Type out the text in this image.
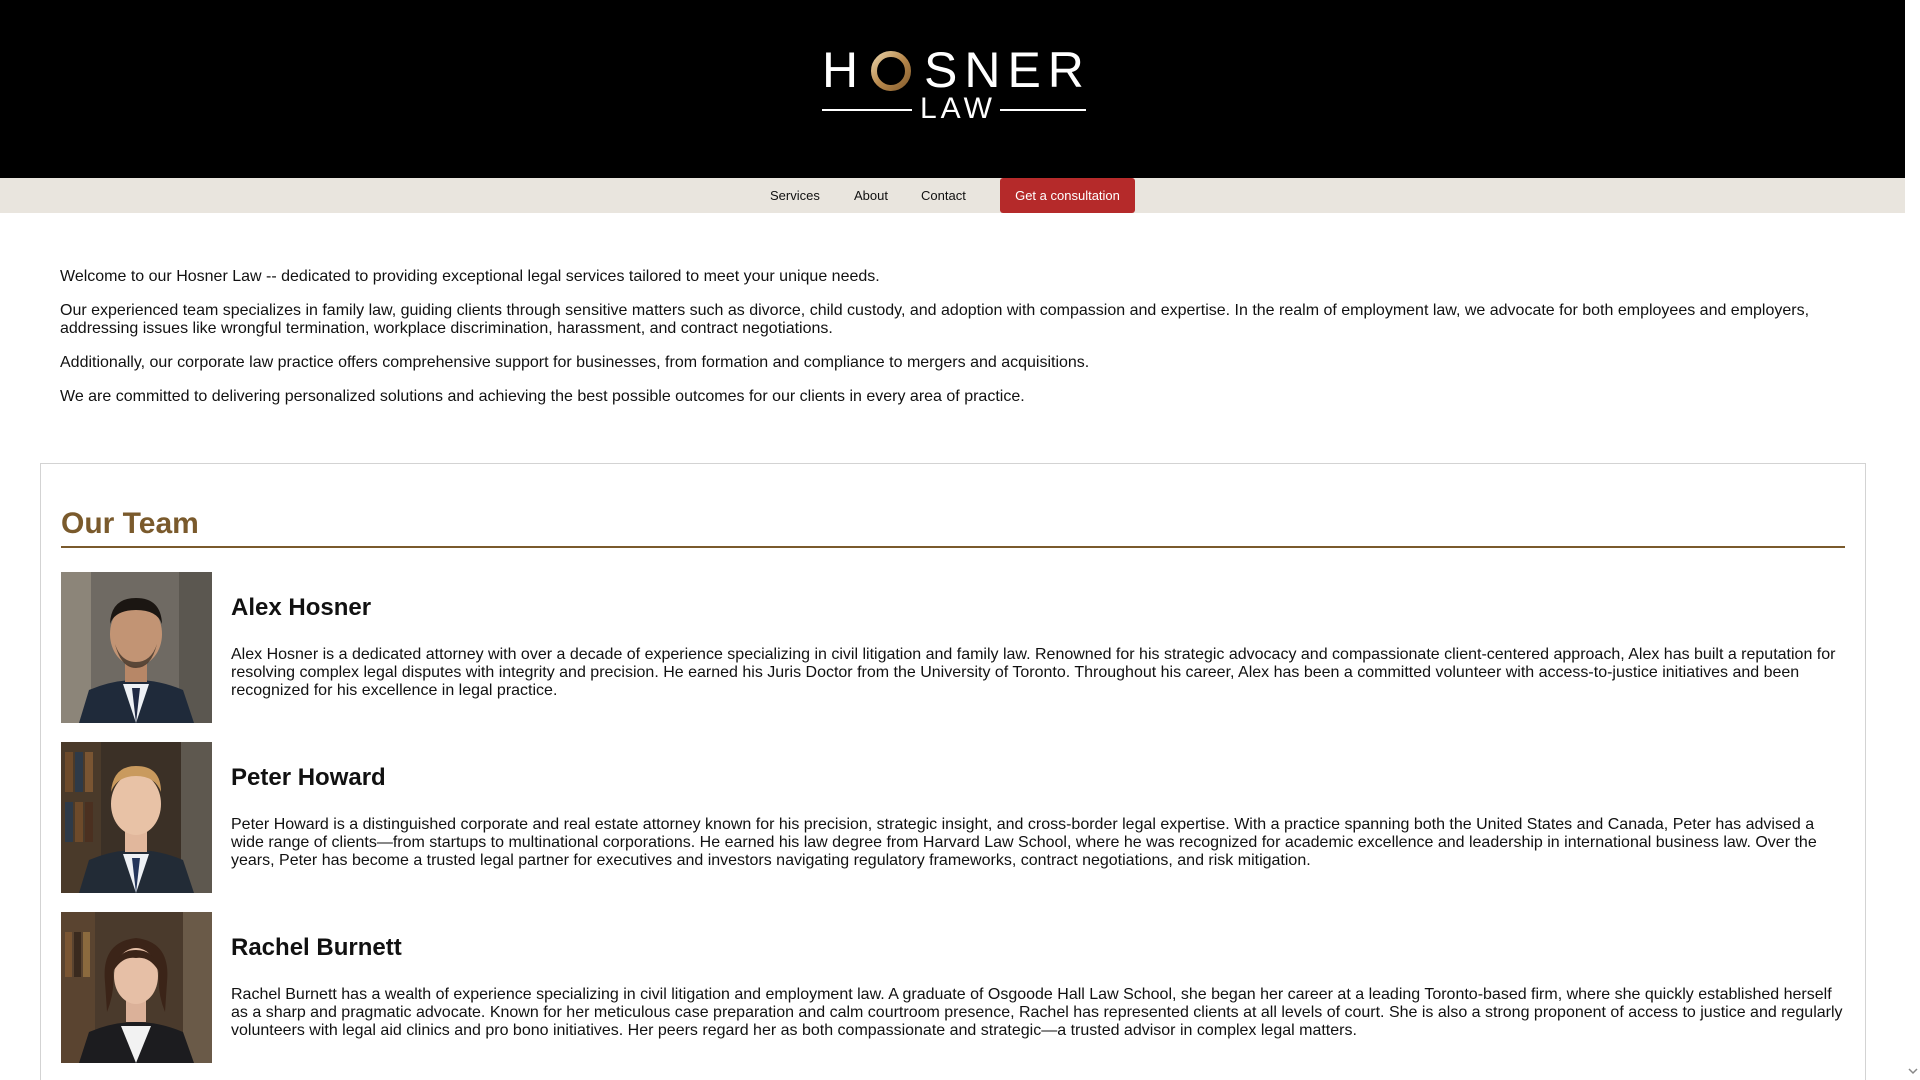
H SNER
LAW
Services	About	Contact	Get a consultation

Welcome to our Hosner Law -- dedicated to providing exceptional legal services tailored to meet your unique needs.

Our experienced team specializes in family law, guiding clients through sensitive matters such as divorce, child custody, and adoption with compassion and expertise. In the realm of employment law, we advocate for both employees and employers, addressing issues like wrongful termination, workplace discrimination, harassment, and contract negotiations.

Additionally, our corporate law practice offers comprehensive support for businesses, from formation and compliance to mergers and acquisitions.

We are committed to delivering personalized solutions and achieving the best possible outcomes for our clients in every area of practice.

Our Team
Alex Hosner

Alex Hosner is a dedicated attorney with over a decade of experience specializing in civil litigation and family law. Renowned for his strategic advocacy and compassionate client-centered approach, Alex has built a reputation for resolving complex legal disputes with integrity and precision. He earned his Juris Doctor from the University of Toronto. Throughout his career, Alex has been a committed volunteer with access-to-justice initiatives and been recognized for his excellence in legal practice.

Peter Howard

Peter Howard is a distinguished corporate and real estate attorney known for his precision, strategic insight, and cross-border legal expertise. With a practice spanning both the United States and Canada, Peter has advised a wide range of clients—from startups to multinational corporations. He earned his law degree from Harvard Law School, where he was recognized for academic excellence and leadership in international business law. Over the years, Peter has become a trusted legal partner for executives and investors navigating regulatory frameworks, contract negotiations, and risk mitigation.

Rachel Burnett

Rachel Burnett has a wealth of experience specializing in civil litigation and employment law. A graduate of Osgoode Hall Law School, she began her career at a leading Toronto-based firm, where she quickly established herself as a sharp and pragmatic advocate. Known for her meticulous case preparation and calm courtroom presence, Rachel has represented clients at all levels of court. She is also a strong proponent of access to justice and regularly volunteers with legal aid clinics and pro bono initiatives. Her peers regard her as both compassionate and strategic—a trusted advisor in complex legal matters.
